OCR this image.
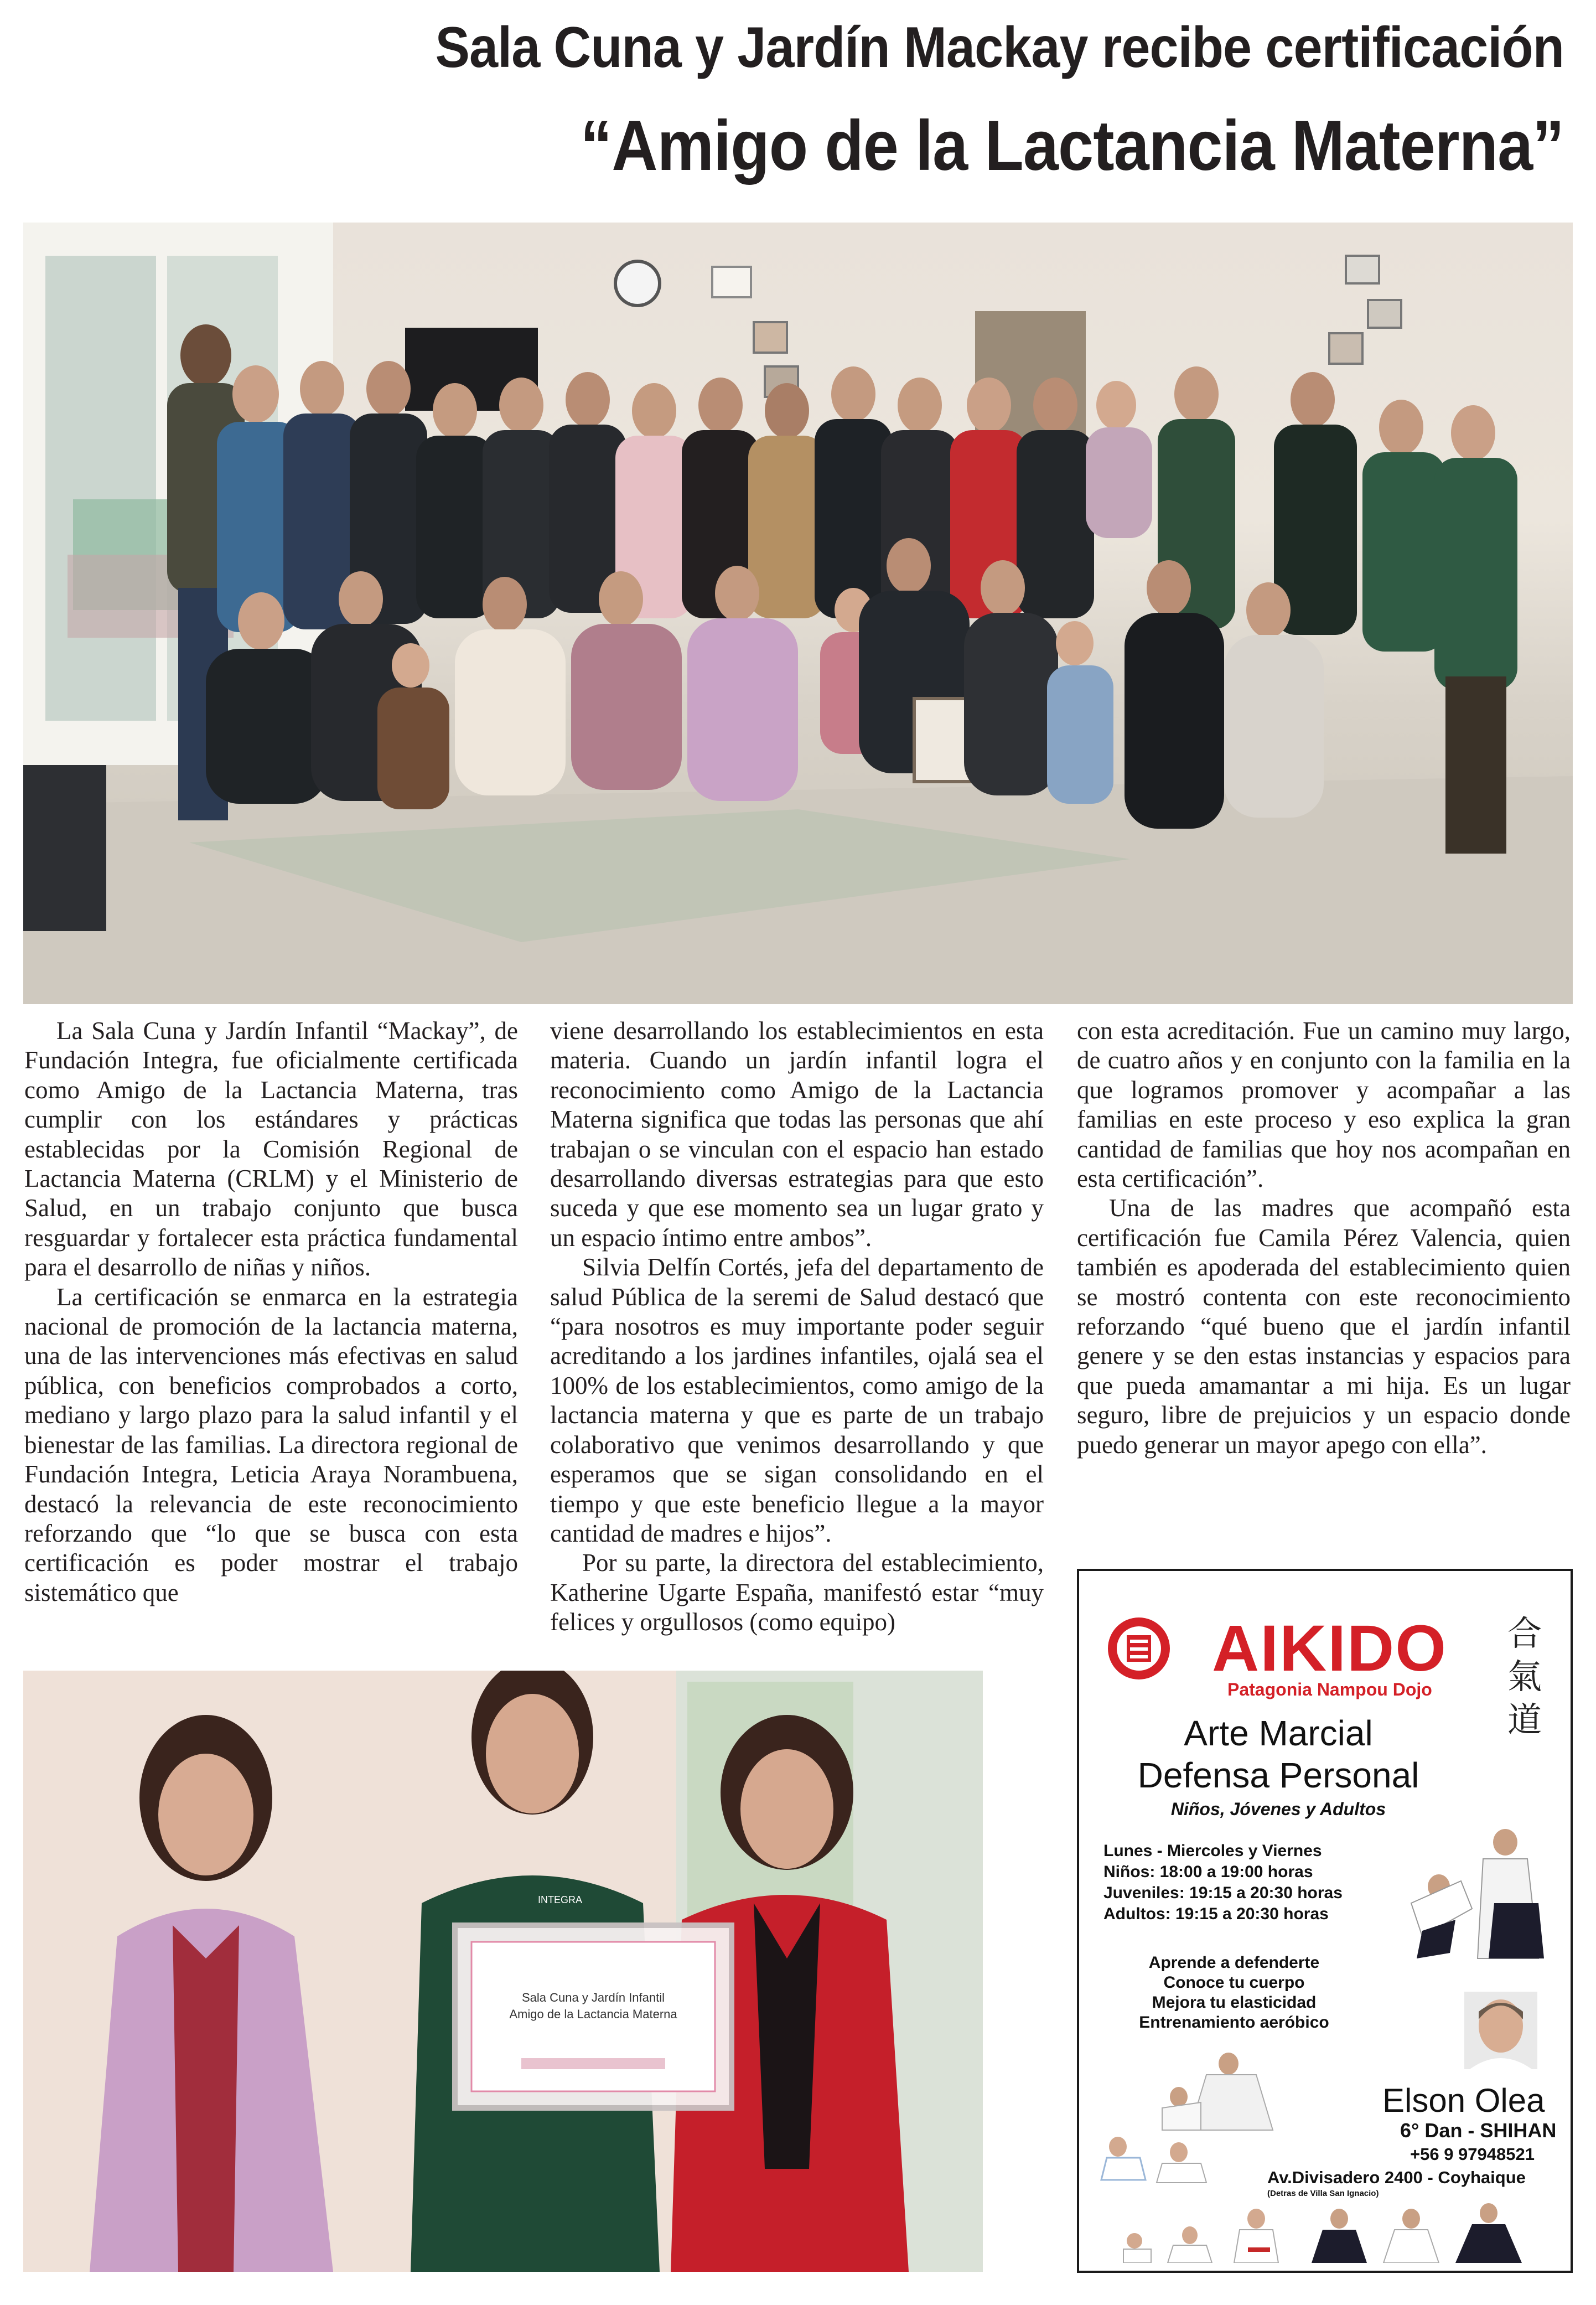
Sala Cuna y Jardín Mackay recibe certificación
“Amigo de la Lactancia Materna”

La Sala Cuna y Jardín Infantil “Mackay”, de Fundación Integra, fue oficialmente certificada como Amigo de la Lactancia Materna, tras cumplir con los estándares y prácticas establecidas por la Comisión Regional de Lactancia Materna (CRLM) y el Ministerio de Salud, en un trabajo conjunto que busca resguardar y fortalecer esta práctica fundamental para el desarrollo de niñas y niños.

La certificación se enmarca en la estrategia nacional de promoción de la lactancia materna, una de las intervenciones más efectivas en salud pública, con beneficios comprobados a corto, mediano y largo plazo para la salud infantil y el bienestar de las familias. La directora regional de Fundación Integra, Leticia Araya Norambuena, destacó la relevancia de este reconocimiento reforzando que “lo que se busca con esta certificación es poder mostrar el trabajo sistemático que

viene desarrollando los establecimientos en esta materia. Cuando un jardín infantil logra el reconocimiento como Amigo de la Lactancia Materna significa que todas las personas que ahí trabajan o se vinculan con el espacio han estado desarrollando diversas estrategias para que esto suceda y que ese momento sea un lugar grato y un espacio íntimo entre ambos”.

Silvia Delfín Cortés, jefa del departamento de salud Pública de la seremi de Salud destacó que “para nosotros es muy importante poder seguir acreditando a los jardines infantiles, ojalá sea el 100% de los establecimientos, como amigo de la lactancia materna y que es parte de un trabajo colaborativo que venimos desarrollando y que esperamos que se sigan consolidando en el tiempo y que este beneficio llegue a la mayor cantidad de madres e hijos”.

Por su parte, la directora del establecimiento, Katherine Ugarte España, manifestó estar “muy felices y orgullosos (como equipo)

con esta acreditación. Fue un camino muy largo, de cuatro años y en conjunto con la familia en la que logramos promover y acompañar a las familias en este proceso y eso explica la gran cantidad de familias que hoy nos acompañan en esta certificación”.

Una de las madres que acompañó esta certificación fue Camila Pérez Valencia, quien también es apoderada del establecimiento quien se mostró contenta con este reconocimiento reforzando “qué bueno que el jardín infantil genere y se den estas instancias y espacios para que pueda amamantar a mi hija. Es un lugar seguro, libre de prejuicios y un espacio donde puedo generar un mayor apego con ella”.

Sala Cuna y Jardín Infantil
Amigo de la Lactancia Materna
INTEGRA
AIKIDO
Patagonia Nampou Dojo
合氣道
Arte Marcial
Defensa Personal
Niños, Jóvenes y Adultos
Lunes - Miercoles y Viernes
Niños: 18:00 a 19:00 horas
Juveniles: 19:15 a 20:30 horas
Adultos: 19:15 a 20:30 horas
Aprende a defenderte
Conoce tu cuerpo
Mejora tu elasticidad
Entrenamiento aeróbico
Elson Olea
6° Dan - SHIHAN
+56 9 97948521
Av.Divisadero 2400 - Coyhaique
(Detras de Villa San Ignacio)
